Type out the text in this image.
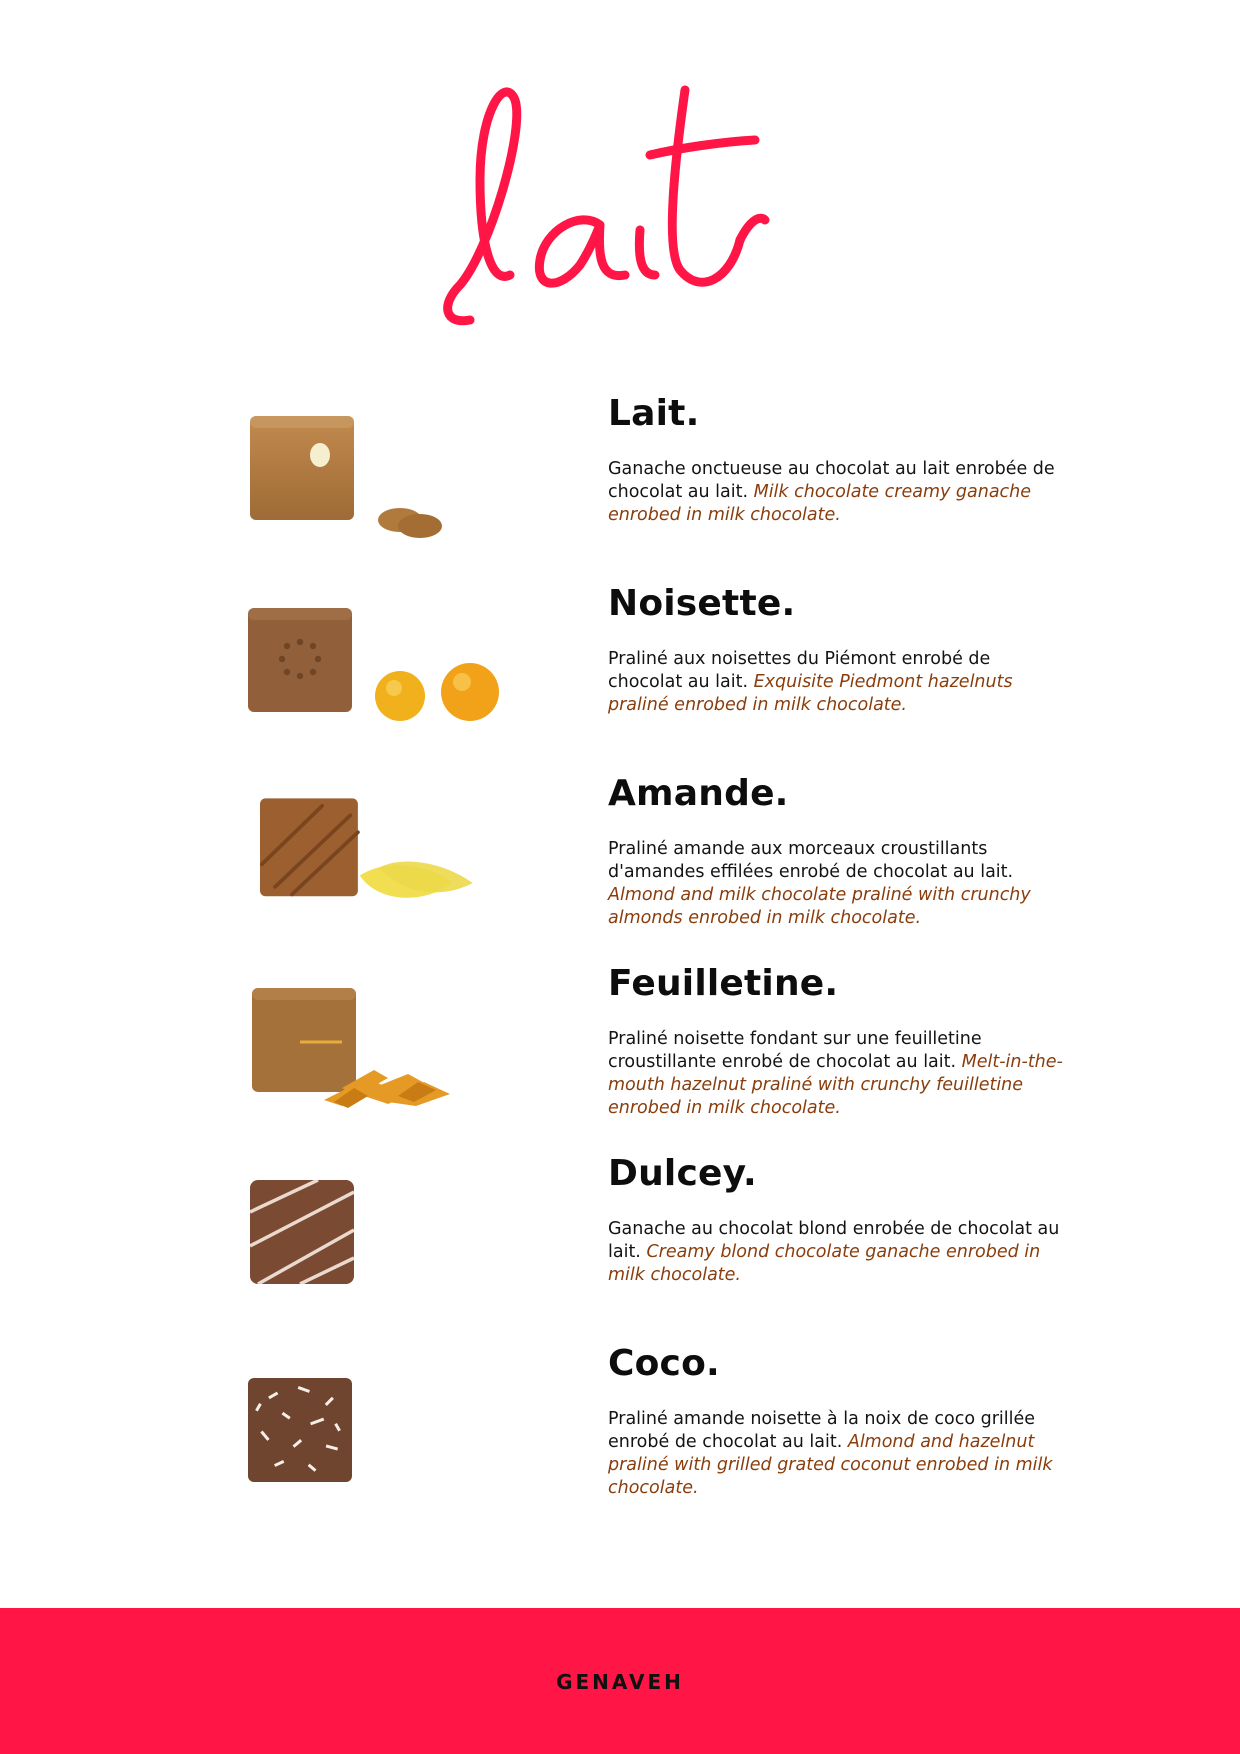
Lait.
Ganache onctueuse au chocolat au lait enrobée de chocolat au lait. Milk chocolate creamy ganache enrobed in milk chocolate.
Noisette.
Praliné aux noisettes du Piémont enrobé de chocolat au lait. Exquisite Piedmont hazelnuts praliné enrobed in milk chocolate.
Amande.
Praliné amande aux morceaux croustillants d'amandes effilées enrobé de chocolat au lait. Almond and milk chocolate praliné with crunchy almonds enrobed in milk chocolate.
Feuilletine.
Praliné noisette fondant sur une feuilletine croustillante enrobé de chocolat au lait. Melt-in-the-mouth hazelnut praliné with crunchy feuilletine enrobed in milk chocolate.
Dulcey.
Ganache au chocolat blond enrobée de chocolat au lait. Creamy blond chocolate ganache enrobed in milk chocolate.
Coco.
Praliné amande noisette à la noix de coco grillée enrobé de chocolat au lait. Almond and hazelnut praliné with grilled grated coconut enrobed in milk chocolate.
GENAVEH
